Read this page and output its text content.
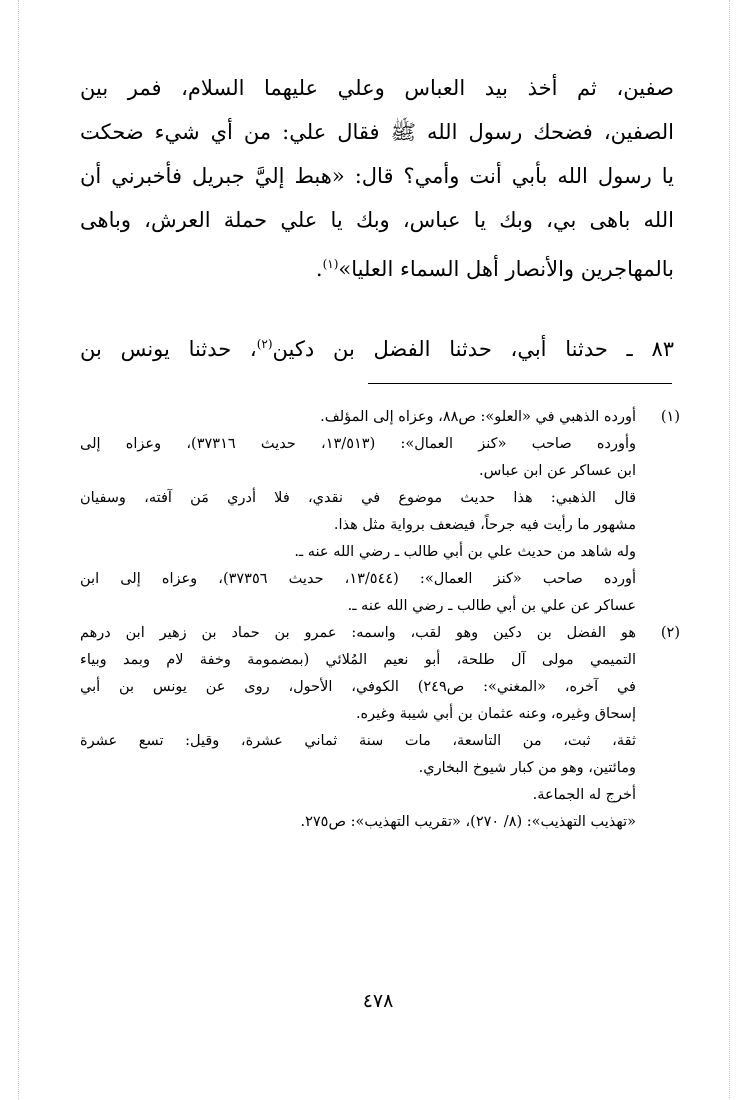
صفين، ثم أخذ بيد العباس وعلي عليهما السلام، فمر بين
الصفين، فضحك رسول الله ﷺ فقال علي: من أي شيء ضحكت
يا رسول الله بأبي أنت وأمي؟ قال: «هبط إليَّ جبريل فأخبرني أن
الله باهى بي، وبك يا عباس، وبك يا علي حملة العرش، وباهى
بالمهاجرين والأنصار أهل السماء العليا»$^{(١)}$.

٨٣ ـ حدثنا أبي، حدثنا الفضل بن دكين$^{(٢)}$، حدثنا يونس بن
(١)
أورده الذهبي في «العلو»: ص٨٨، وعزاه إلى المؤلف.
وأورده صاحب «كنز العمال»: (١٣/٥١٣، حديث ٣٧٣١٦)، وعزاه إلى
ابن عساكر عن ابن عباس.
قال الذهبي: هذا حديث موضوع في نقدي، فلا أدري مَن آفته، وسفيان
مشهور ما رأيت فيه جرحاً، فيضعف برواية مثل هذا.
وله شاهد من حديث علي بن أبي طالب ـ رضي الله عنه ـ.
أورده صاحب «كنز العمال»: (١٣/٥٤٤، حديث ٣٧٣٥٦)، وعزاه إلى ابن
عساكر عن علي بن أبي طالب ـ رضي الله عنه ـ.
(٢)
هو الفضل بن دكين وهو لقب، واسمه: عمرو بن حماد بن زهير ابن درهم
التميمي مولى آل طلحة، أبو نعيم المُلائي (بمضمومة وخفة لام وبمد وبياء
في آخره، «المغني»: ص٢٤٩) الكوفي، الأحول، روى عن يونس بن أبي
إسحاق وغيره، وعنه عثمان بن أبي شيبة وغيره.
ثقة، ثبت، من التاسعة، مات سنة ثماني عشرة، وقيل: تسع عشرة
ومائتين، وهو من كبار شيوخ البخاري.
أخرج له الجماعة.
«تهذيب التهذيب»: (٨/ ٢٧٠)، «تقريب التهذيب»: ص٢٧٥.
٤٧٨
